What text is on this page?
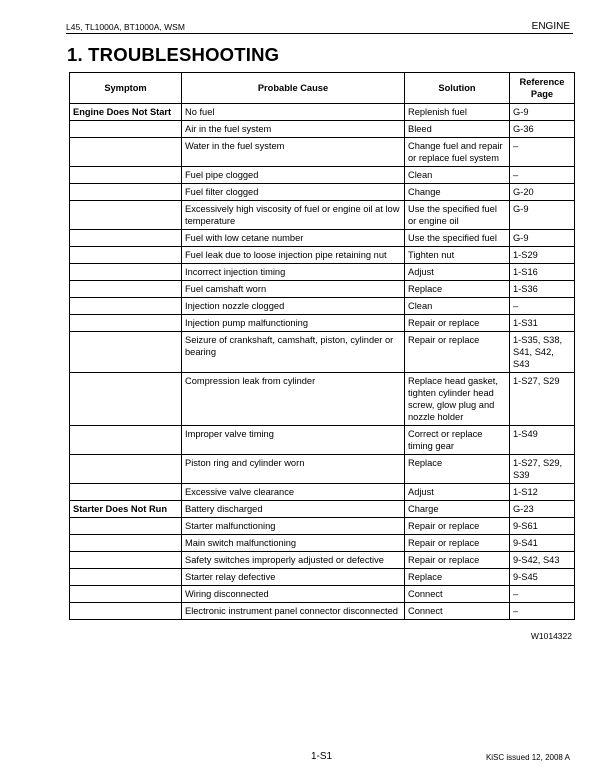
L45, TL1000A, BT1000A, WSM	ENGINE
1. TROUBLESHOOTING
Symptom	Probable Cause	Solution	Reference Page
Engine Does Not Start	No fuel	Replenish fuel	G-9
	Air in the fuel system	Bleed	G-36
	Water in the fuel system	Change fuel and repair or replace fuel system	–
	Fuel pipe clogged	Clean	–
	Fuel filter clogged	Change	G-20
	Excessively high viscosity of fuel or engine oil at low temperature	Use the specified fuel or engine oil	G-9
	Fuel with low cetane number	Use the specified fuel	G-9
	Fuel leak due to loose injection pipe retaining nut	Tighten nut	1-S29
	Incorrect injection timing	Adjust	1-S16
	Fuel camshaft worn	Replace	1-S36
	Injection nozzle clogged	Clean	–
	Injection pump malfunctioning	Repair or replace	1-S31
	Seizure of crankshaft, camshaft, piston, cylinder or bearing	Repair or replace	1-S35, S38, S41, S42, S43
	Compression leak from cylinder	Replace head gasket, tighten cylinder head screw, glow plug and nozzle holder	1-S27, S29
	Improper valve timing	Correct or replace timing gear	1-S49
	Piston ring and cylinder worn	Replace	1-S27, S29, S39
	Excessive valve clearance	Adjust	1-S12
Starter Does Not Run	Battery discharged	Charge	G-23
	Starter malfunctioning	Repair or replace	9-S61
	Main switch malfunctioning	Repair or replace	9-S41
	Safety switches improperly adjusted or defective	Repair or replace	9-S42, S43
	Starter relay defective	Replace	9-S45
	Wiring disconnected	Connect	–
	Electronic instrument panel connector disconnected	Connect	–
W1014322
1-S1	KiSC issued 12, 2008 A
